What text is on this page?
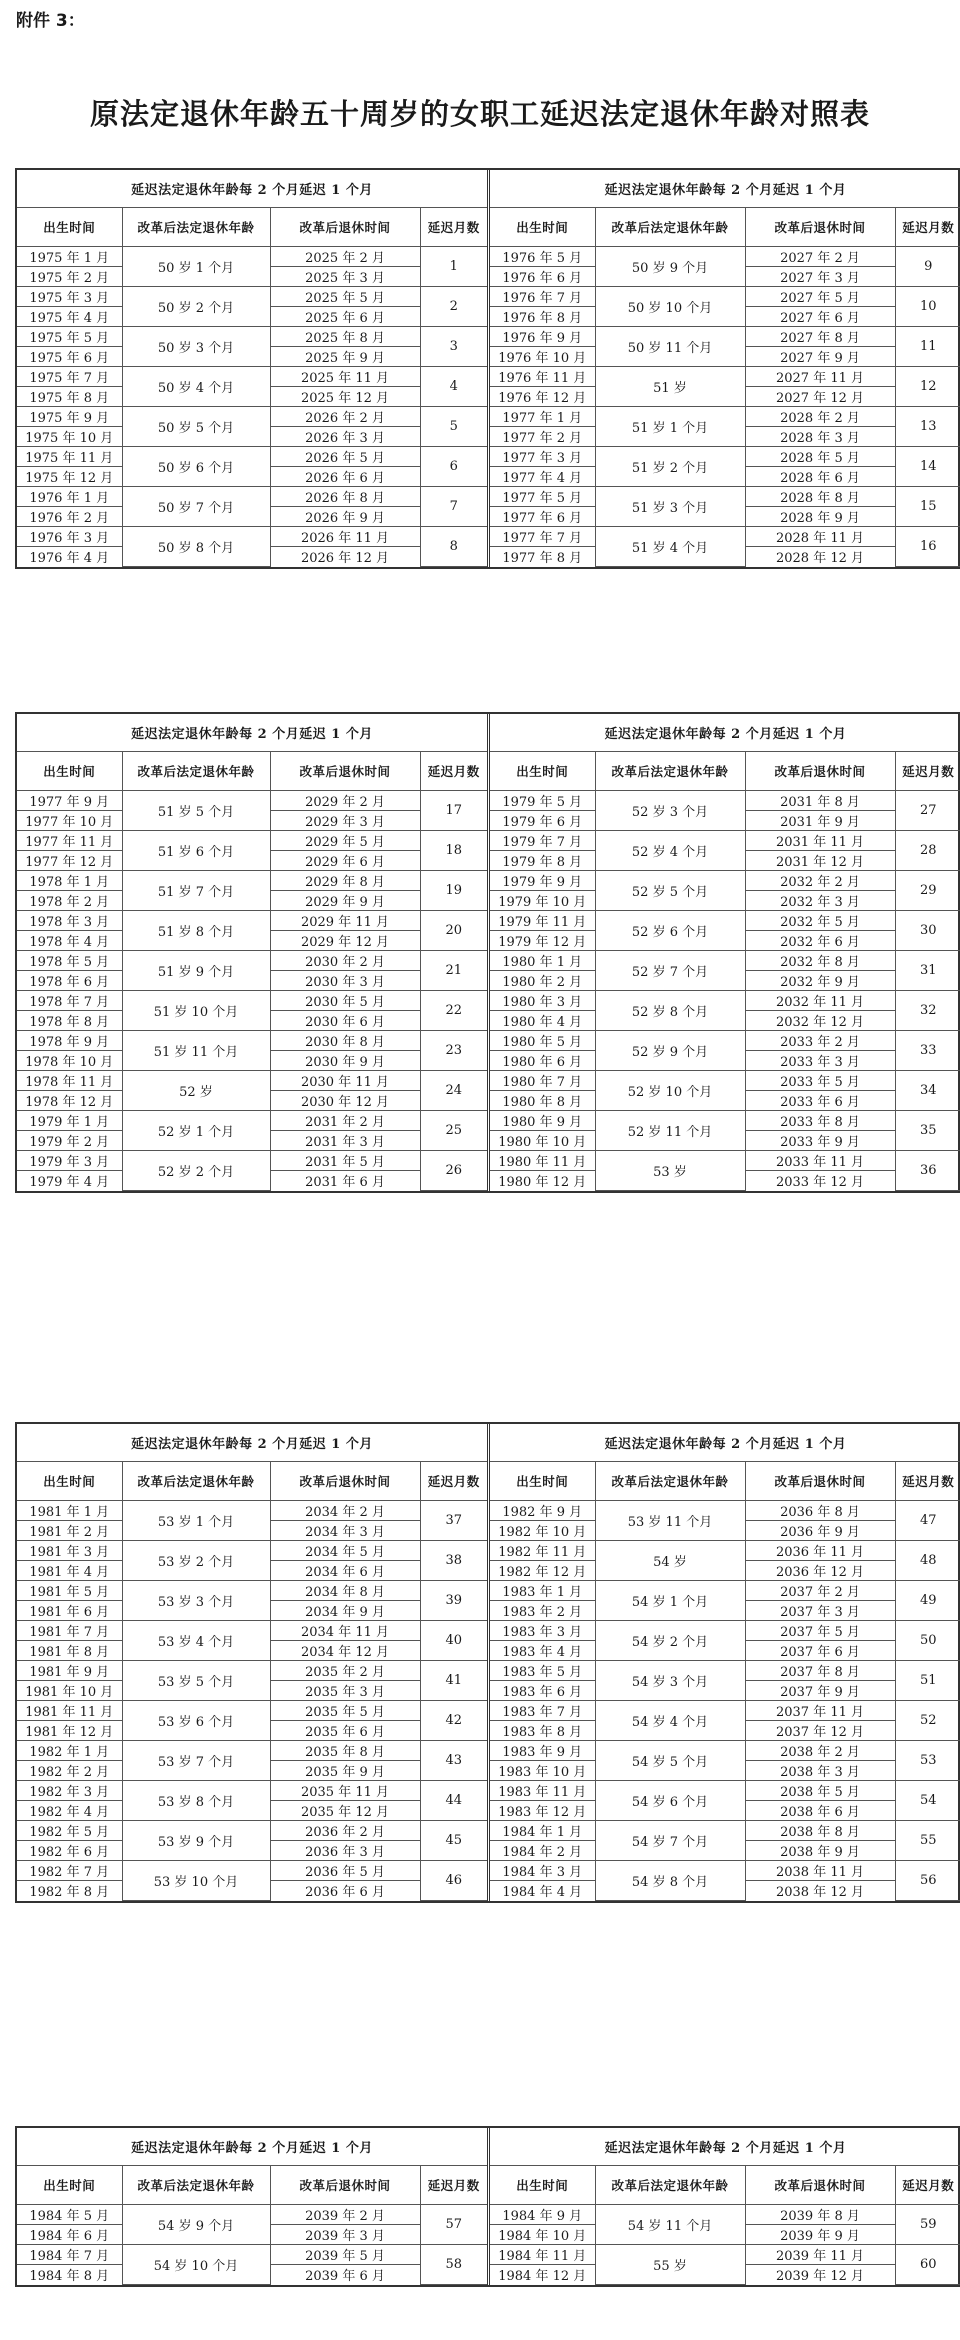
附件 3：
原法定退休年龄五十周岁的女职工延迟法定退休年龄对照表
延迟法定退休年龄每 2 个月延迟 1 个月			
出生时间	改革后法定退休年龄	改革后退休时间	延迟月数
1975 年 1 月	50 岁 1 个月	2025 年 2 月	1
1975 年 2 月		2025 年 3 月	
1975 年 3 月	50 岁 2 个月	2025 年 5 月	2
1975 年 4 月		2025 年 6 月	
1975 年 5 月	50 岁 3 个月	2025 年 8 月	3
1975 年 6 月		2025 年 9 月	
1975 年 7 月	50 岁 4 个月	2025 年 11 月	4
1975 年 8 月		2025 年 12 月	
1975 年 9 月	50 岁 5 个月	2026 年 2 月	5
1975 年 10 月		2026 年 3 月	
1975 年 11 月	50 岁 6 个月	2026 年 5 月	6
1975 年 12 月		2026 年 6 月	
1976 年 1 月	50 岁 7 个月	2026 年 8 月	7
1976 年 2 月		2026 年 9 月	
1976 年 3 月	50 岁 8 个月	2026 年 11 月	8
1976 年 4 月		2026 年 12 月	
延迟法定退休年龄每 2 个月延迟 1 个月			
出生时间	改革后法定退休年龄	改革后退休时间	延迟月数
1976 年 5 月	50 岁 9 个月	2027 年 2 月	9
1976 年 6 月		2027 年 3 月	
1976 年 7 月	50 岁 10 个月	2027 年 5 月	10
1976 年 8 月		2027 年 6 月	
1976 年 9 月	50 岁 11 个月	2027 年 8 月	11
1976 年 10 月		2027 年 9 月	
1976 年 11 月	51 岁	2027 年 11 月	12
1976 年 12 月		2027 年 12 月	
1977 年 1 月	51 岁 1 个月	2028 年 2 月	13
1977 年 2 月		2028 年 3 月	
1977 年 3 月	51 岁 2 个月	2028 年 5 月	14
1977 年 4 月		2028 年 6 月	
1977 年 5 月	51 岁 3 个月	2028 年 8 月	15
1977 年 6 月		2028 年 9 月	
1977 年 7 月	51 岁 4 个月	2028 年 11 月	16
1977 年 8 月		2028 年 12 月	
延迟法定退休年龄每 2 个月延迟 1 个月			
出生时间	改革后法定退休年龄	改革后退休时间	延迟月数
1977 年 9 月	51 岁 5 个月	2029 年 2 月	17
1977 年 10 月		2029 年 3 月	
1977 年 11 月	51 岁 6 个月	2029 年 5 月	18
1977 年 12 月		2029 年 6 月	
1978 年 1 月	51 岁 7 个月	2029 年 8 月	19
1978 年 2 月		2029 年 9 月	
1978 年 3 月	51 岁 8 个月	2029 年 11 月	20
1978 年 4 月		2029 年 12 月	
1978 年 5 月	51 岁 9 个月	2030 年 2 月	21
1978 年 6 月		2030 年 3 月	
1978 年 7 月	51 岁 10 个月	2030 年 5 月	22
1978 年 8 月		2030 年 6 月	
1978 年 9 月	51 岁 11 个月	2030 年 8 月	23
1978 年 10 月		2030 年 9 月	
1978 年 11 月	52 岁	2030 年 11 月	24
1978 年 12 月		2030 年 12 月	
1979 年 1 月	52 岁 1 个月	2031 年 2 月	25
1979 年 2 月		2031 年 3 月	
1979 年 3 月	52 岁 2 个月	2031 年 5 月	26
1979 年 4 月		2031 年 6 月	
延迟法定退休年龄每 2 个月延迟 1 个月			
出生时间	改革后法定退休年龄	改革后退休时间	延迟月数
1979 年 5 月	52 岁 3 个月	2031 年 8 月	27
1979 年 6 月		2031 年 9 月	
1979 年 7 月	52 岁 4 个月	2031 年 11 月	28
1979 年 8 月		2031 年 12 月	
1979 年 9 月	52 岁 5 个月	2032 年 2 月	29
1979 年 10 月		2032 年 3 月	
1979 年 11 月	52 岁 6 个月	2032 年 5 月	30
1979 年 12 月		2032 年 6 月	
1980 年 1 月	52 岁 7 个月	2032 年 8 月	31
1980 年 2 月		2032 年 9 月	
1980 年 3 月	52 岁 8 个月	2032 年 11 月	32
1980 年 4 月		2032 年 12 月	
1980 年 5 月	52 岁 9 个月	2033 年 2 月	33
1980 年 6 月		2033 年 3 月	
1980 年 7 月	52 岁 10 个月	2033 年 5 月	34
1980 年 8 月		2033 年 6 月	
1980 年 9 月	52 岁 11 个月	2033 年 8 月	35
1980 年 10 月		2033 年 9 月	
1980 年 11 月	53 岁	2033 年 11 月	36
1980 年 12 月		2033 年 12 月	
延迟法定退休年龄每 2 个月延迟 1 个月			
出生时间	改革后法定退休年龄	改革后退休时间	延迟月数
1981 年 1 月	53 岁 1 个月	2034 年 2 月	37
1981 年 2 月		2034 年 3 月	
1981 年 3 月	53 岁 2 个月	2034 年 5 月	38
1981 年 4 月		2034 年 6 月	
1981 年 5 月	53 岁 3 个月	2034 年 8 月	39
1981 年 6 月		2034 年 9 月	
1981 年 7 月	53 岁 4 个月	2034 年 11 月	40
1981 年 8 月		2034 年 12 月	
1981 年 9 月	53 岁 5 个月	2035 年 2 月	41
1981 年 10 月		2035 年 3 月	
1981 年 11 月	53 岁 6 个月	2035 年 5 月	42
1981 年 12 月		2035 年 6 月	
1982 年 1 月	53 岁 7 个月	2035 年 8 月	43
1982 年 2 月		2035 年 9 月	
1982 年 3 月	53 岁 8 个月	2035 年 11 月	44
1982 年 4 月		2035 年 12 月	
1982 年 5 月	53 岁 9 个月	2036 年 2 月	45
1982 年 6 月		2036 年 3 月	
1982 年 7 月	53 岁 10 个月	2036 年 5 月	46
1982 年 8 月		2036 年 6 月	
延迟法定退休年龄每 2 个月延迟 1 个月			
出生时间	改革后法定退休年龄	改革后退休时间	延迟月数
1982 年 9 月	53 岁 11 个月	2036 年 8 月	47
1982 年 10 月		2036 年 9 月	
1982 年 11 月	54 岁	2036 年 11 月	48
1982 年 12 月		2036 年 12 月	
1983 年 1 月	54 岁 1 个月	2037 年 2 月	49
1983 年 2 月		2037 年 3 月	
1983 年 3 月	54 岁 2 个月	2037 年 5 月	50
1983 年 4 月		2037 年 6 月	
1983 年 5 月	54 岁 3 个月	2037 年 8 月	51
1983 年 6 月		2037 年 9 月	
1983 年 7 月	54 岁 4 个月	2037 年 11 月	52
1983 年 8 月		2037 年 12 月	
1983 年 9 月	54 岁 5 个月	2038 年 2 月	53
1983 年 10 月		2038 年 3 月	
1983 年 11 月	54 岁 6 个月	2038 年 5 月	54
1983 年 12 月		2038 年 6 月	
1984 年 1 月	54 岁 7 个月	2038 年 8 月	55
1984 年 2 月		2038 年 9 月	
1984 年 3 月	54 岁 8 个月	2038 年 11 月	56
1984 年 4 月		2038 年 12 月	
延迟法定退休年龄每 2 个月延迟 1 个月			
出生时间	改革后法定退休年龄	改革后退休时间	延迟月数
1984 年 5 月	54 岁 9 个月	2039 年 2 月	57
1984 年 6 月		2039 年 3 月	
1984 年 7 月	54 岁 10 个月	2039 年 5 月	58
1984 年 8 月		2039 年 6 月	
延迟法定退休年龄每 2 个月延迟 1 个月			
出生时间	改革后法定退休年龄	改革后退休时间	延迟月数
1984 年 9 月	54 岁 11 个月	2039 年 8 月	59
1984 年 10 月		2039 年 9 月	
1984 年 11 月	55 岁	2039 年 11 月	60
1984 年 12 月		2039 年 12 月	
